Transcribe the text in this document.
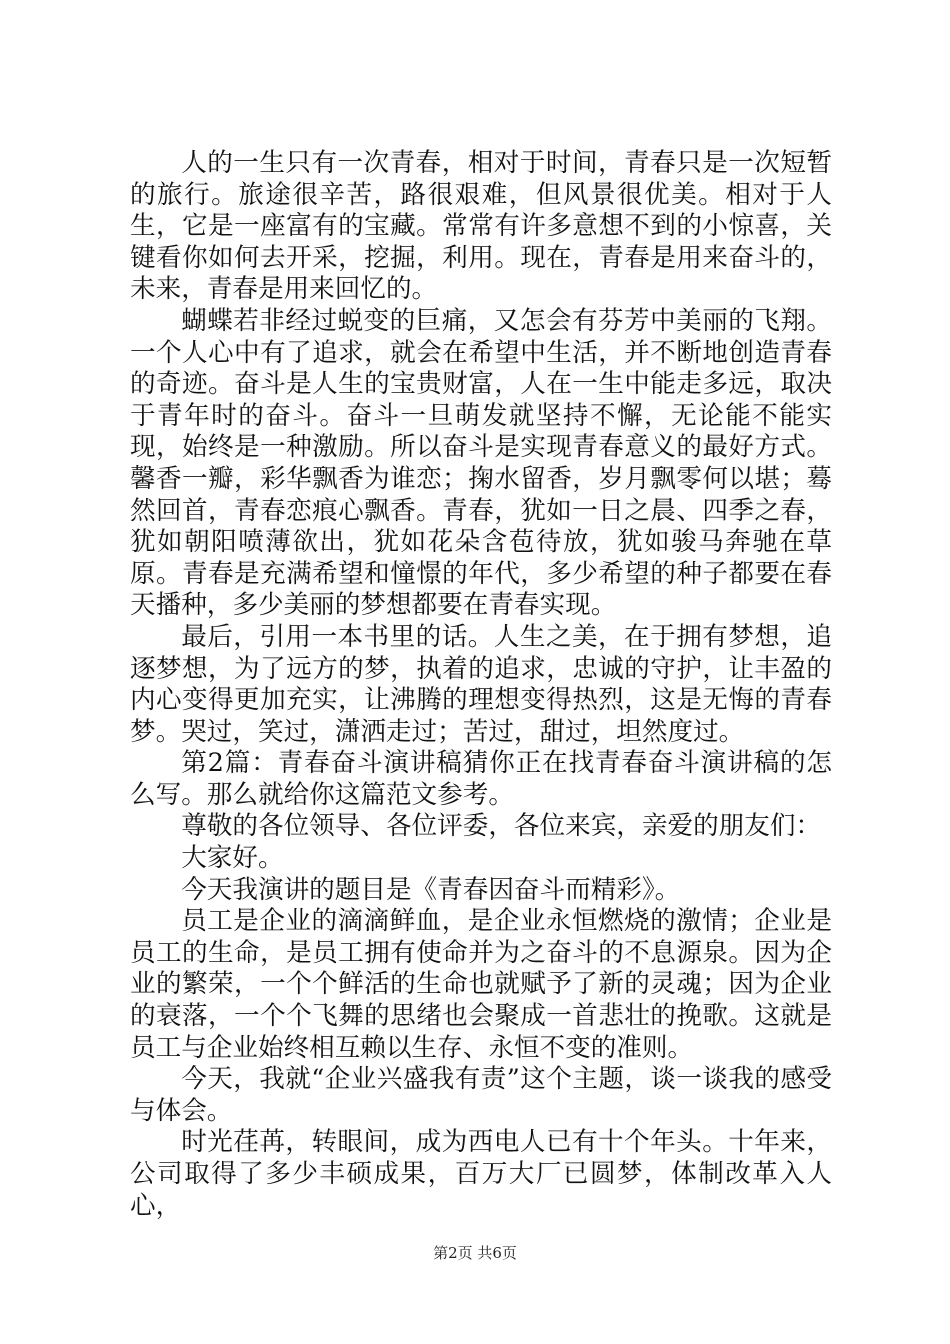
人的一生只有一次青春，相对于时间，青春只是一次短暂的旅行。旅途很辛苦，路很艰难，但风景很优美。相对于人生，它是一座富有的宝藏。常常有许多意想不到的小惊喜，关键看你如何去开采，挖掘，利用。现在，青春是用来奋斗的，未来，青春是用来回忆的。

蝴蝶若非经过蜕变的巨痛，又怎会有芬芳中美丽的飞翔。一个人心中有了追求，就会在希望中生活，并不断地创造青春的奇迹。奋斗是人生的宝贵财富，人在一生中能走多远，取决于青年时的奋斗。奋斗一旦萌发就坚持不懈，无论能不能实现，始终是一种激励。所以奋斗是实现青春意义的最好方式。馨香一瓣，彩华飘香为谁恋；掬水留香，岁月飘零何以堪；蓦然回首，青春恋痕心飘香。青春，犹如一日之晨、四季之春，犹如朝阳喷薄欲出，犹如花朵含苞待放，犹如骏马奔驰在草原。青春是充满希望和憧憬的年代，多少希望的种子都要在春天播种，多少美丽的梦想都要在青春实现。

最后，引用一本书里的话。人生之美，在于拥有梦想，追逐梦想，为了远方的梦，执着的追求，忠诚的守护，让丰盈的内心变得更加充实，让沸腾的理想变得热烈，这是无悔的青春梦。哭过，笑过，潇洒走过；苦过，甜过，坦然度过。

第2篇：青春奋斗演讲稿猜你正在找青春奋斗演讲稿的怎么写。那么就给你这篇范文参考。

尊敬的各位领导、各位评委，各位来宾，亲爱的朋友们：

大家好。

今天我演讲的题目是《青春因奋斗而精彩》。

员工是企业的滴滴鲜血，是企业永恒燃烧的激情；企业是员工的生命，是员工拥有使命并为之奋斗的不息源泉。因为企业的繁荣，一个个鲜活的生命也就赋予了新的灵魂；因为企业的衰落，一个个飞舞的思绪也会聚成一首悲壮的挽歌。这就是员工与企业始终相互赖以生存、永恒不变的准则。

今天，我就“企业兴盛我有责”这个主题，谈一谈我的感受与体会。

时光荏苒，转眼间，成为西电人已有十个年头。十年来，公司取得了多少丰硕成果，百万大厂已圆梦，体制改革入人心，

第2页 共6页
